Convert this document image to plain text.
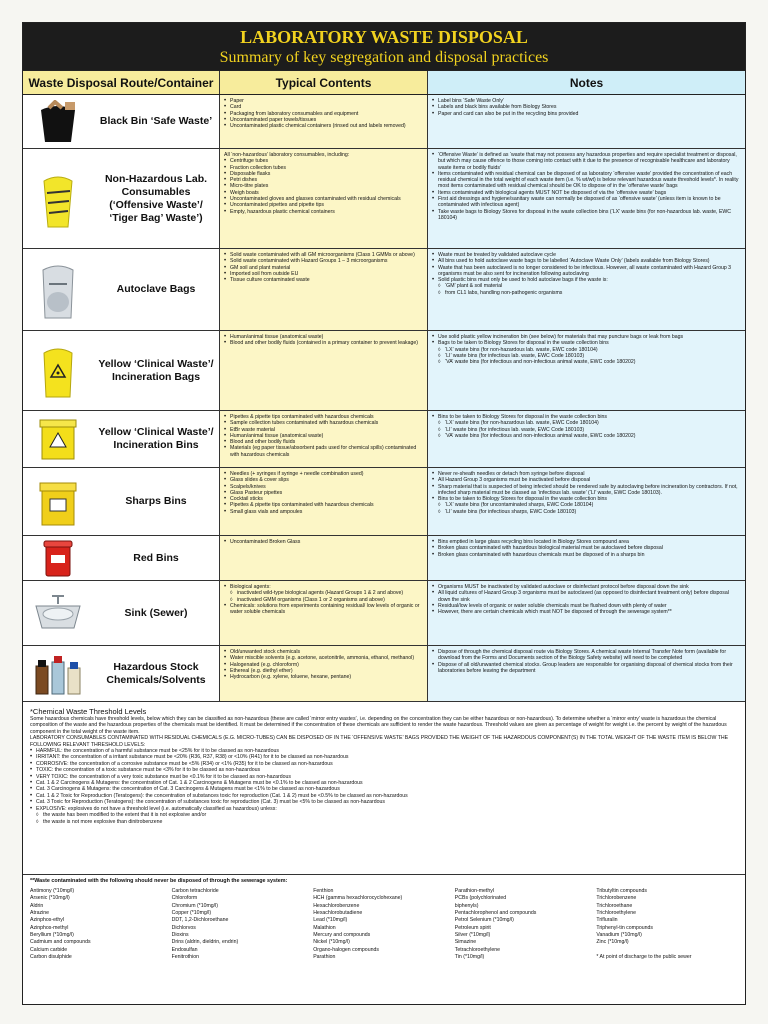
LABORATORY WASTE DISPOSAL
Summary of key segregation and disposal practices
Waste Disposal Route/Container	Typical Contents	Notes
Black Bin ‘Safe Waste’
• Paper
• Card
• Packaging from laboratory consumables and equipment
• Uncontaminated paper towels/tissues
• Uncontaminated plastic chemical containers (rinsed out and labels removed)
• Label bins ‘Safe Waste Only’
• Labels and black bins available from Biology Stores
• Paper and card can also be put in the recycling bins provided
Non-Hazardous Lab. Consumables (‘Offensive Waste’/ ‘Tiger Bag’ Waste’)
All ‘non-hazardous’ laboratory consumables, including:
• Centrifuge tubes
• Fraction collection tubes
• Disposable flasks
• Petri dishes
• Micro-titre plates
• Weigh boats
• Uncontaminated gloves and glasses contaminated with residual chemicals
• Uncontaminated pipettes and pipette tips
• Empty, hazardous plastic chemical containers
• ‘Offensive Waste’ is defined as ‘waste that may not possess any hazardous properties and require specialist treatment or disposal, but which may cause offence to those coming into contact with it due to the presence of recognisable healthcare and laboratory waste items or bodily fluids’
• Items contaminated with residual chemical can be disposed of as laboratory ‘offensive waste’ provided the concentration of each residual chemical in the total weight of each waste item (i.e. % wt/wt) is below relevant hazardous waste threshold levels*. In reality most items contaminated with residual chemical should be OK to dispose of in the ‘offensive waste’ bags
• Items contaminated with biological agents MUST NOT be disposed of via the ‘offensive waste’ bags
• First aid dressings and hygiene/sanitary waste can normally be disposed of as ‘offensive waste’ (unless item is known to be contaminated with infectious agent)
• Take waste bags to Biology Stores for disposal in the waste collection bins (‘LX’ waste bins (for non-hazardous lab. waste, EWC 180104)
Autoclave Bags
• Solid waste contaminated with all GM microorganisms (Class 1 GMMs or above)
• Solid waste contaminated with Hazard Groups 1 – 3 microorganisms
• GM soil and plant material
• Imported soil from outside EU
• Tissue culture contaminated waste
• Waste must be treated by validated autoclave cycle
• All bins used to hold autoclave waste bags to be labelled ‘Autoclave Waste Only’ (labels available from Biology Stores)
• Waste that has been autoclaved is no longer considered to be infectious. However, all waste contaminated with Hazard Group 3 organisms must be also sent for incineration following autoclaving
• Solid plastic bins must only be used to hold autoclave bags if the waste is:
◊ ‘GM’ plant & soil material
◊ from CL1 labs, handling non-pathogenic organisms
Yellow ‘Clinical Waste’/ Incineration Bags
• Human/animal tissue (anatomical waste)
• Blood and other bodily fluids (contained in a primary container to prevent leakage)
• Use solid plastic yellow incineration bin (see below) for materials that may puncture bags or leak from bags
• Bags to be taken to Biology Stores for disposal in the waste collection bins
◊ ‘LX’ waste bins (for non-hazardous lab. waste, EWC code 180104)
◊ ‘LI’ waste bins (for infectious lab. waste, EWC Code 180103)
◊ ‘VA’ waste bins (for infectious and non-infectious animal waste, EWC code 180202)
Yellow ‘Clinical Waste’/ Incineration Bins
• Pipettes & pipette tips contaminated with hazardous chemicals
• Sample collection tubes contaminated with hazardous chemicals
• EtBr waste material
• Human/animal tissue (anatomical waste)
• Blood and other bodily fluids
• Materials (eg paper tissue/absorbent pads used for chemical spills) contaminated with hazardous chemicals
• Bins to be taken to Biology Stores for disposal in the waste collection bins
◊ ‘LX’ waste bins (for non-hazardous lab. waste, EWC Code 180104)
◊ ‘LI’ waste bins (for infectious lab. waste, EWC Code 180103)
◊ ‘VA’ waste bins (for infectious and non-infectious animal waste, EWC code 180202)
Sharps Bins
• Needles (+ syringes if syringe + needle combination used)
• Glass slides & cover slips
• Scalpels/knives
• Glass Pasteur pipettes
• Cocktail sticks
• Pipettes & pipette tips contaminated with hazardous chemicals
• Small glass vials and ampoules
• Never re-sheath needles or detach from syringe before disposal
• All Hazard Group 3 organisms must be inactivated before disposal
• Sharp material that is suspected of being infected should be rendered safe by autoclaving before incineration by contractors. If not, infected sharp material must be classed as ‘infectious lab. waste’ (‘LI’ waste, EWC Code 180103).
• Bins to be taken to Biology Stores for disposal in the waste collection bins
◊ ‘LX’ waste bins (for uncontaminated sharps, EWC Code 180104)
◊ ‘LI’ waste bins (for infectious sharps, EWC Code 180103)
Red Bins
• Uncontaminated Broken Glass
•	Bins emptied in large glass recycling bins located in Biology Stores compound area
• Broken glass contaminated with hazardous biological material must be autoclaved before disposal
• Broken glass contaminated with hazardous chemicals must be disposed of in a sharps bin
Sink (Sewer)
• Biological agents:
◊ inactivated wild-type biological agents (Hazard Groups 1 & 2 and above)
◊ inactivated GMM organisms (Class 1 or 2 organisms and above)
• Chemicals: solutions from experiments containing residual/ low levels of organic or water soluble chemicals
• Organisms MUST be inactivated by validated autoclave or disinfectant protocol before disposal down the sink
• All liquid cultures of Hazard Group 3 organisms must be autoclaved (as opposed to disinfectant treatment only) before disposal down the sink
• Residual/low levels of organic or water soluble chemicals must be flushed down with plenty of water
• However, there are certain chemicals which must NOT be disposed of through the sewerage system**
Hazardous Stock Chemicals/Solvents
• Old/unwanted stock chemicals
• Water miscible solvents (e.g. acetone, acetonitrile, ammonia, ethanol, methanol)
• Halogenated (e.g. chloroform)
• Ethereal (e.g. diethyl ether)
• Hydrocarbon (e.g. xylene, toluene, hexane, pentane)
• Dispose of through the chemical disposal route via Biology Stores. A chemical waste Internal Transfer Note form (available for download from the Forms and Documents section of the Biology Safety website) will need to be completed
• Dispose of all old/unwanted chemical stocks. Group leaders are responsible for organising disposal of chemical stocks from their laboratories before leaving the department
*Chemical Waste Threshold Levels

Some hazardous chemicals have threshold levels, below which they can be classified as non-hazardous (these are called ‘mirror entry wastes’, i.e. depending on the concentration they can be either hazardous or non-hazardous). To determine whether a ‘mirror entry’ waste is hazardous the chemical composition of the waste and the hazardous properties of the chemicals must be identified. It must be determined if the concentration of these chemicals are sufficient to render the waste hazardous. Threshold values are given as percentage of weight for weight i.e. the percent by weight of the hazardous component in the total weight of the waste item.

LABORATORY CONSUMABLES CONTAMINATED WITH RESIDUAL CHEMICALS (E.G. MICRO-TUBES) CAN BE DISPOSED OF IN THE ‘OFFENSIVE WASTE’ BAGS PROVIDED THE WEIGHT OF THE HAZARDOUS COMPONENT(S) IN THE TOTAL WEIGHT OF THE WASTE ITEM IS BELOW THE FOLLOWING RELEVANT THRESHOLD LEVELS:

• HARMFUL: the concentration of a harmful substance must be <25% for it to be classed as non-hazardous
• IRRITANT: the concentration of a irritant substance must be <20% (R36, R37, R38) or <10% (R41) for it to be classed as non-hazardous
• CORROSIVE: the concentration of a corrosive substance must be <5% (R34) or <1% (R35) for it to be classed as non-hazardous
• TOXIC: the concentration of a toxic substance must be <3% for it to be classed as non-hazardous
• VERY TOXIC: the concentration of a very toxic substance must be <0.1% for it to be classed as non-hazardous
• Cat. 1 & 2 Carcinogens & Mutagens: the concentration of Cat. 1 & 2 Carcinogens & Mutagens must be <0.1% to be classed as non-hazardous
• Cat. 3 Carcinogens & Mutagens: the concentration of Cat. 3 Carcinogens & Mutagens must be <1% to be classed as non-hazardous
• Cat. 1 & 2 Toxic for Reproduction (Teratogens): the concentration of substances toxic for reproduction (Cat. 1 & 2) must be <0.5% to be classed as non-hazardous
• Cat. 3 Toxic for Reproduction (Teratogens): the concentration of substances toxic for reproduction (Cat. 3) must be <5% to be classed as non-hazardous
• EXPLOSIVE: explosives do not have a threshold level (i.e. automatically classified as hazardous) unless:
◊ the waste has been modified to the extent that it is not explosive and/or
◊ the waste is not more explosive than dinitrobenzene
**Waste contaminated with the following should never be disposed of through the sewerage system:
Antimony (*10mg/l)
Arsenic (*10mg/l)
Aldrin
Atrazine
Azinphos-ethyl
Azinphos-methyl
Beryllium (*10mg/l)
Cadmium and compounds
Calcium carbide
Carbon disulphide
Carbon tetrachloride
Chloroform
Chromium (*10mg/l)
Copper (*10mg/l)
DDT, 1,2-Dichloroethane
Dichlorvos
Dioxins
Drins (aldrin, dieldrin, endrin)
Endosulfan
Fenitrothion
Fenthion
HCH (gamma hexachlorocyclohexane)
Hexachlorobenzene
Hexachlorobutadiene
Lead (*10mg/l)
Malathion
Mercury and compounds
Nickel (*10mg/l)
Organo-halogen compounds
Parathion
Parathion-methyl
PCBs (polychlorinated
biphenyls)
Pentachlorophenol and compounds
Petrol Selenium (*10mg/l)
Petroleum spirit
Silver (*10mg/l)
Simazine
Tetrachloroethylene
Tin (*10mg/l)
Tributyltin compounds
Trichlorobenzene
Trichloroethane
Trichloroethylene
Trifluralin
Triphenyl-tin compounds
Vanadium (*10mg/l)
Zinc (*10mg/l)

* At point of discharge to the public sewer
